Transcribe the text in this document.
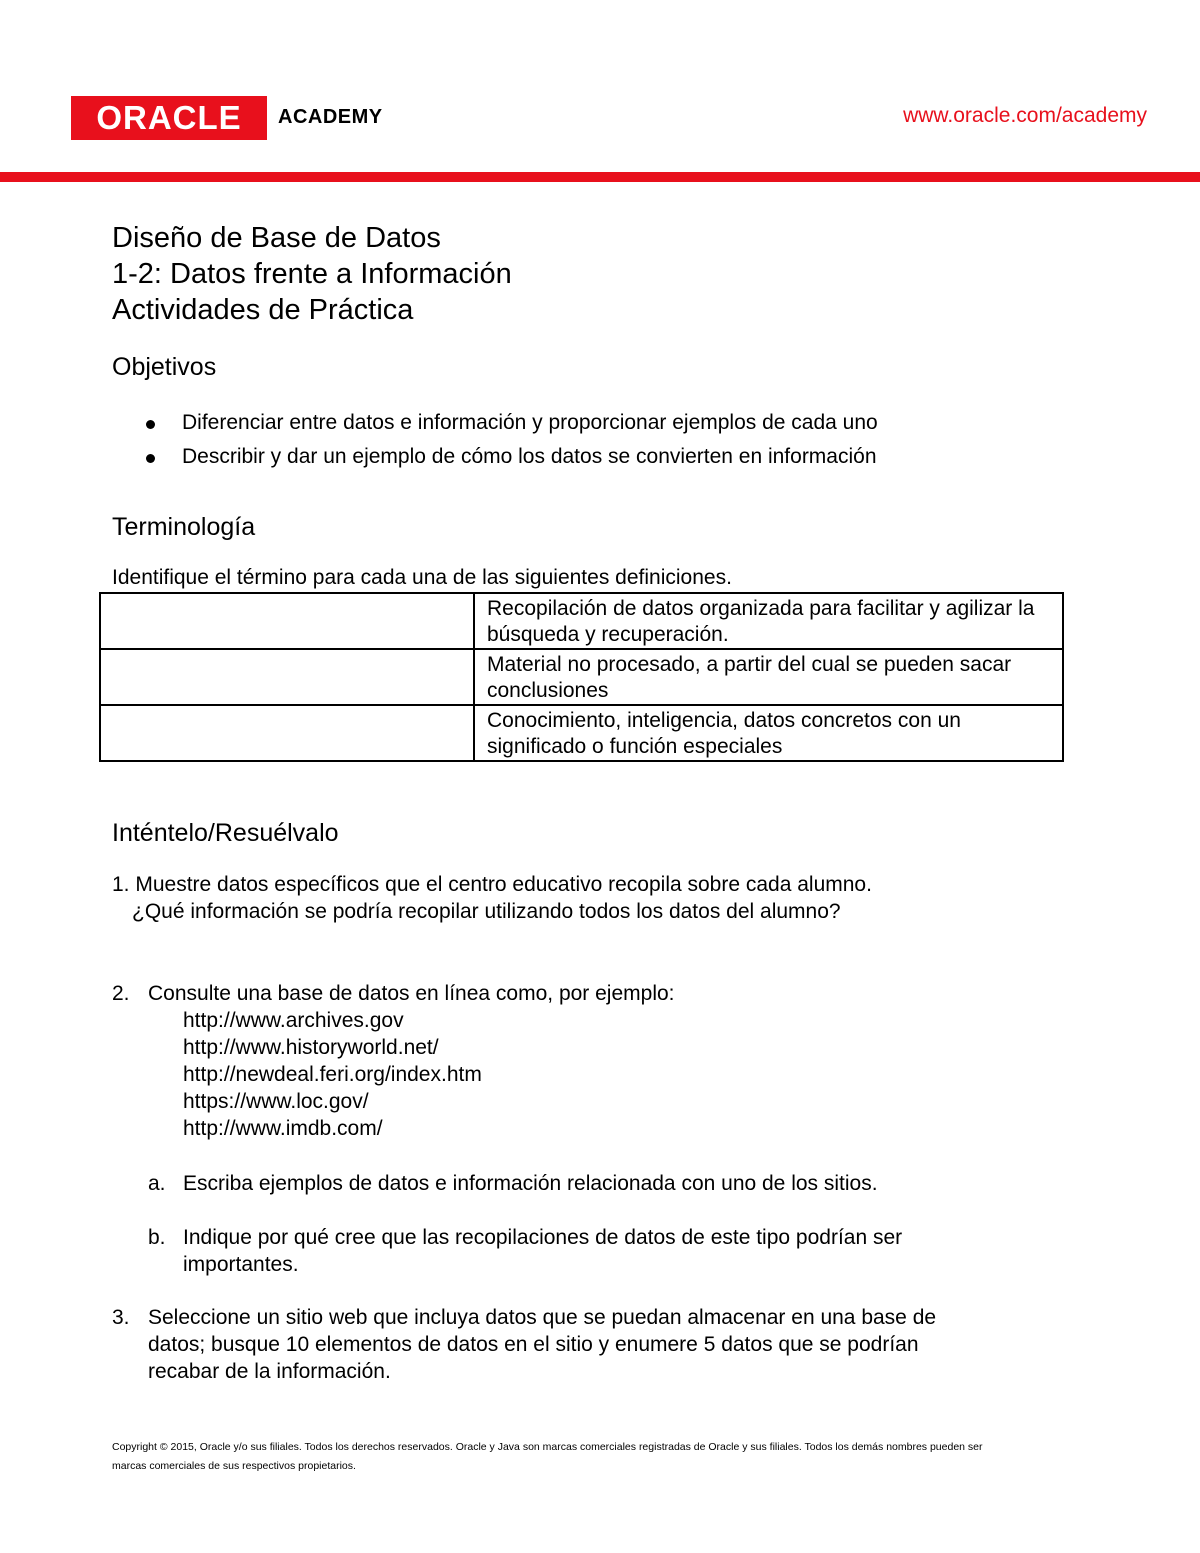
ORACLE ACADEMY	www.oracle.com/academy
Diseño de Base de Datos
1-2: Datos frente a Información
Actividades de Práctica
Objetivos
Diferenciar entre datos e información y proporcionar ejemplos de cada uno
Describir y dar un ejemplo de cómo los datos se convierten en información
Terminología
Identifique el término para cada una de las siguientes definiciones.
	Recopilación de datos organizada para facilitar y agilizar la búsqueda y recuperación.
	Material no procesado, a partir del cual se pueden sacar conclusiones
	Conocimiento, inteligencia, datos concretos con un significado o función especiales
Inténtelo/Resuélvalo
1. Muestre datos específicos que el centro educativo recopila sobre cada alumno.
¿Qué información se podría recopilar utilizando todos los datos del alumno?
2. Consulte una base de datos en línea como, por ejemplo:
http://www.archives.gov
http://www.historyworld.net/
http://newdeal.feri.org/index.htm
https://www.loc.gov/
http://www.imdb.com/
a. Escriba ejemplos de datos e información relacionada con uno de los sitios.
b. Indique por qué cree que las recopilaciones de datos de este tipo podrían ser
importantes.
3. Seleccione un sitio web que incluya datos que se puedan almacenar en una base de
datos; busque 10 elementos de datos en el sitio y enumere 5 datos que se podrían
recabar de la información.
Copyright © 2015, Oracle y/o sus filiales. Todos los derechos reservados. Oracle y Java son marcas comerciales registradas de Oracle y sus filiales. Todos los demás nombres pueden ser
marcas comerciales de sus respectivos propietarios.
